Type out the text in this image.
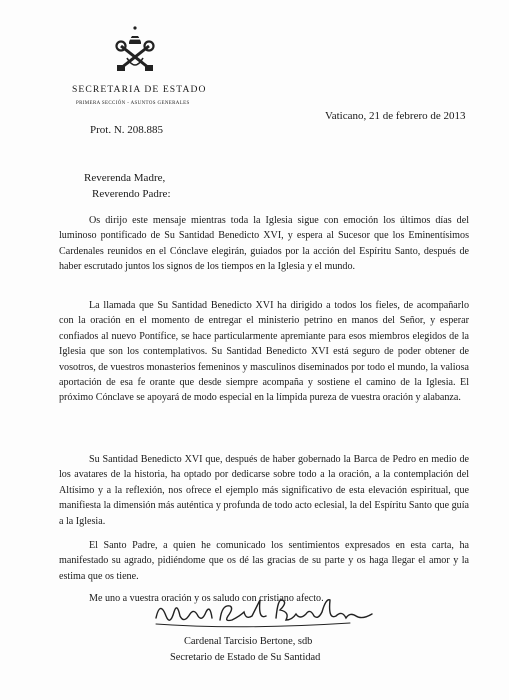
SECRETARIA DE ESTADO
PRIMERA SECCIÓN - ASUNTOS GENERALES
Prot. N. 208.885
Vaticano, 21 de febrero de 2013
Reverenda Madre,
Reverendo Padre:

Os dirijo este mensaje mientras toda la Iglesia sigue con emoción los últimos días del luminoso pontificado de Su Santidad Benedicto XVI, y espera al Sucesor que los Eminentísimos Cardenales reunidos en el Cónclave elegirán, guiados por la acción del Espíritu Santo, después de haber escrutado juntos los signos de los tiempos en la Iglesia y el mundo.

La llamada que Su Santidad Benedicto XVI ha dirigido a todos los fieles, de acompañarlo con la oración en el momento de entregar el ministerio petrino en manos del Señor, y esperar confiados al nuevo Pontífice, se hace particularmente apremiante para esos miembros elegidos de la Iglesia que son los contemplativos. Su Santidad Benedicto XVI está seguro de poder obtener de vosotros, de vuestros monasterios femeninos y masculinos diseminados por todo el mundo, la valiosa aportación de esa fe orante que desde siempre acompaña y sostiene el camino de la Iglesia. El próximo Cónclave se apoyará de modo especial en la límpida pureza de vuestra oración y alabanza.

Su Santidad Benedicto XVI que, después de haber gobernado la Barca de Pedro en medio de los avatares de la historia, ha optado por dedicarse sobre todo a la oración, a la contemplación del Altísimo y a la reflexión, nos ofrece el ejemplo más significativo de esta elevación espiritual, que manifiesta la dimensión más auténtica y profunda de todo acto eclesial, la del Espíritu Santo que guía a la Iglesia.

El Santo Padre, a quien he comunicado los sentimientos expresados en esta carta, ha manifestado su agrado, pidiéndome que os dé las gracias de su parte y os haga llegar el amor y la estima que os tiene.

Me uno a vuestra oración y os saludo con cristiano afecto.

Cardenal Tarcisio Bertone, sdb
Secretario de Estado de Su Santidad
